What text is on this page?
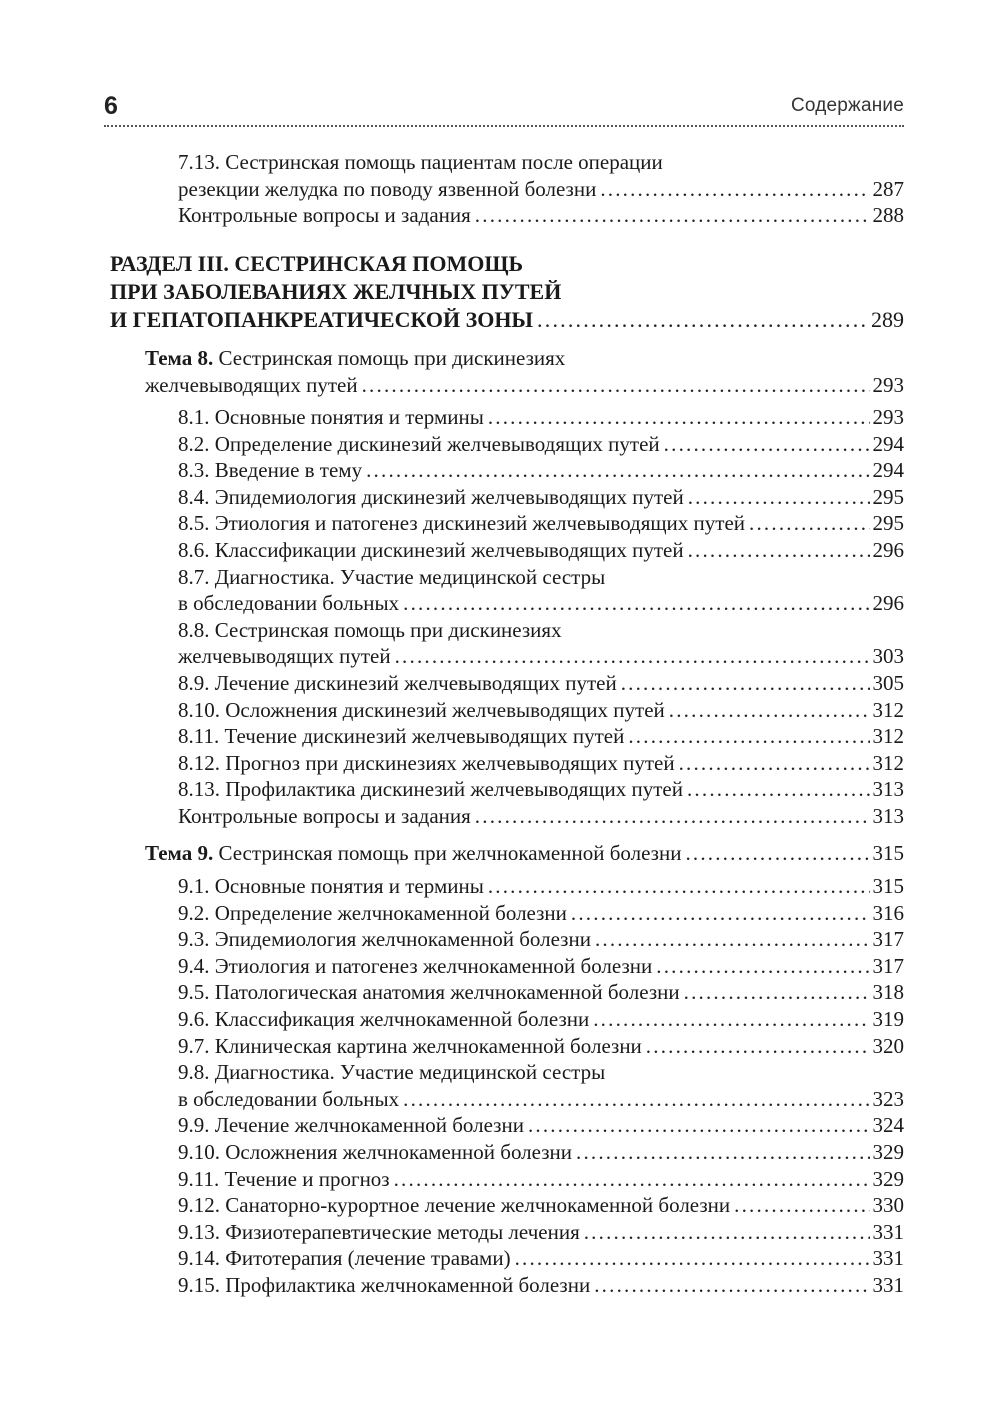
6	Содержание
7.13. Сестринская помощь пациентам после операции
резекции желудка по поводу язвенной болезни .....	287
Контрольные вопросы и задания .....	288
РАЗДЕЛ III. СЕСТРИНСКАЯ ПОМОЩЬ
ПРИ ЗАБОЛЕВАНИЯХ ЖЕЛЧНЫХ ПУТЕЙ
И ГЕПАТОПАНКРЕАТИЧЕСКОЙ ЗОНЫ .....	289
Тема 8. Сестринская помощь при дискинезиях
желчевыводящих путей .....	293
8.1. Основные понятия и термины .....	293
8.2. Определение дискинезий желчевыводящих путей .....	294
8.3. Введение в тему .....	294
8.4. Эпидемиология дискинезий желчевыводящих путей .....	295
8.5. Этиология и патогенез дискинезий желчевыводящих путей .....	295
8.6. Классификации дискинезий желчевыводящих путей .....	296
8.7. Диагностика. Участие медицинской сестры
в обследовании больных .....	296
8.8. Сестринская помощь при дискинезиях
желчевыводящих путей .....	303
8.9. Лечение дискинезий желчевыводящих путей .....	305
8.10. Осложнения дискинезий желчевыводящих путей .....	312
8.11. Течение дискинезий желчевыводящих путей .....	312
8.12. Прогноз при дискинезиях желчевыводящих путей .....	312
8.13. Профилактика дискинезий желчевыводящих путей .....	313
Контрольные вопросы и задания .....	313
Тема 9. Сестринская помощь при желчнокаменной болезни .....	315
9.1. Основные понятия и термины .....	315
9.2. Определение желчнокаменной болезни .....	316
9.3. Эпидемиология желчнокаменной болезни .....	317
9.4. Этиология и патогенез желчнокаменной болезни .....	317
9.5. Патологическая анатомия желчнокаменной болезни .....	318
9.6. Классификация желчнокаменной болезни .....	319
9.7. Клиническая картина желчнокаменной болезни .....	320
9.8. Диагностика. Участие медицинской сестры
в обследовании больных .....	323
9.9. Лечение желчнокаменной болезни .....	324
9.10. Осложнения желчнокаменной болезни .....	329
9.11. Течение и прогноз .....	329
9.12. Санаторно-курортное лечение желчнокаменной болезни .....	330
9.13. Физиотерапевтические методы лечения .....	331
9.14. Фитотерапия (лечение травами) .....	331
9.15. Профилактика желчнокаменной болезни .....	331
